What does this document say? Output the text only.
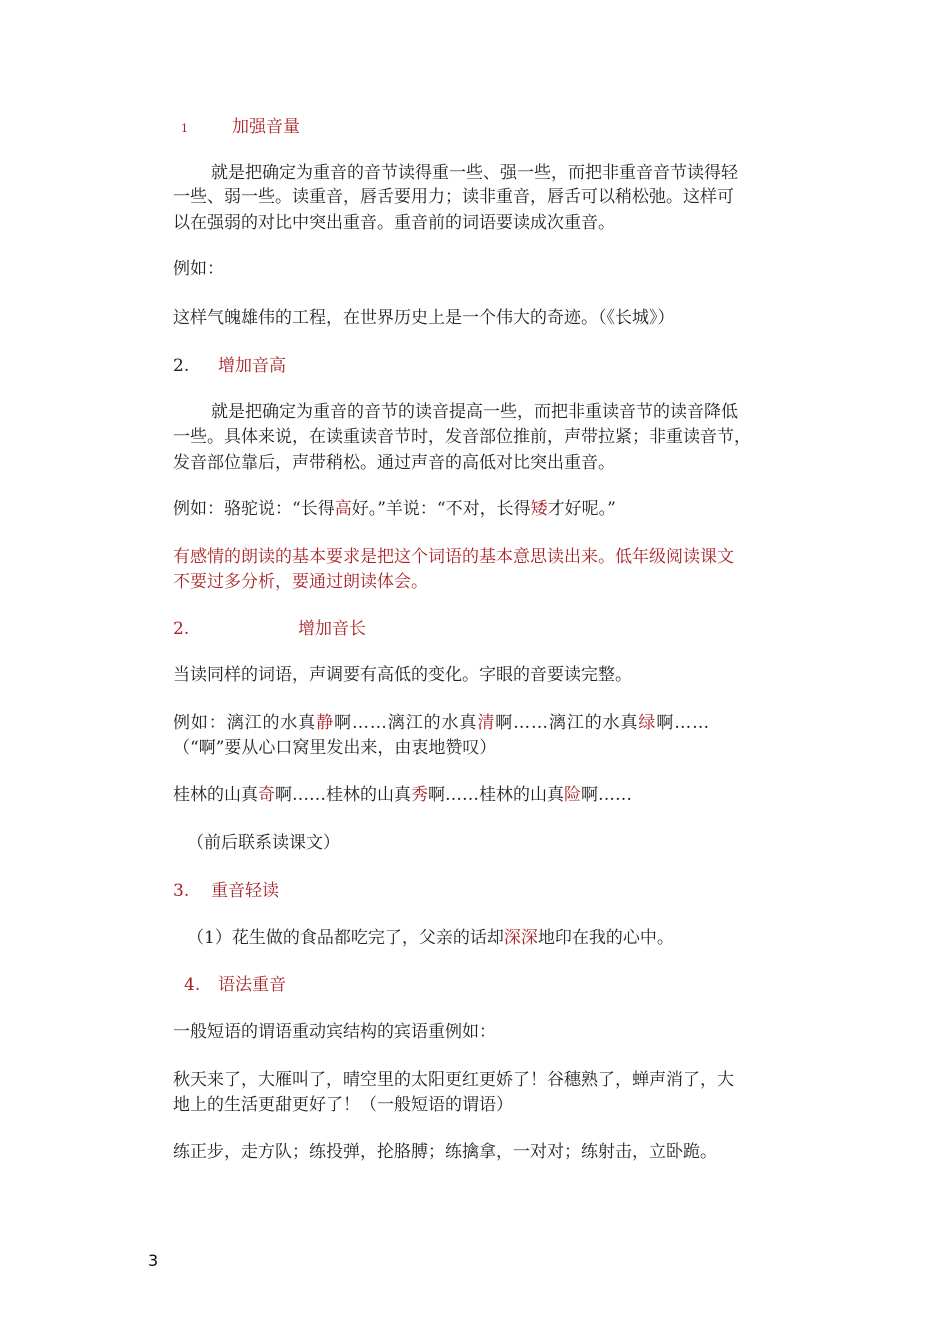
1	加强音量
就是把确定为重音的音节读得重一些、强一些，而把非重音音节读得轻
一些、弱一些。读重音，唇舌要用力；读非重音，唇舌可以稍松弛。这样可
以在强弱的对比中突出重音。重音前的词语要读成次重音。
例如：
这样气魄雄伟的工程，在世界历史上是一个伟大的奇迹。（《长城》）
2. 增加音高
就是把确定为重音的音节的读音提高一些，而把非重读音节的读音降低
一些。具体来说，在读重读音节时，发音部位推前，声带拉紧；非重读音节，
发音部位靠后，声带稍松。通过声音的高低对比突出重音。
例如：骆驼说：“长得高好。”羊说：“不对，长得矮才好呢。”
有感情的朗读的基本要求是把这个词语的基本意思读出来。低年级阅读课文
不要过多分析，要通过朗读体会。
2.	增加音长
当读同样的词语，声调要有高低的变化。字眼的音要读完整。
例如：漓江的水真静啊……漓江的水真清啊……漓江的水真绿啊……
（“啊”要从心口窝里发出来，由衷地赞叹）
桂林的山真奇啊……桂林的山真秀啊……桂林的山真险啊……
（前后联系读课文）
3. 重音轻读
（1）花生做的食品都吃完了，父亲的话却深深地印在我的心中。
4. 语法重音
一般短语的谓语重动宾结构的宾语重例如：
秋天来了，大雁叫了，晴空里的太阳更红更娇了！谷穗熟了，蝉声消了，大
地上的生活更甜更好了！（一般短语的谓语）
练正步，走方队；练投弹，抡胳膊；练擒拿，一对对；练射击，立卧跪。
3
